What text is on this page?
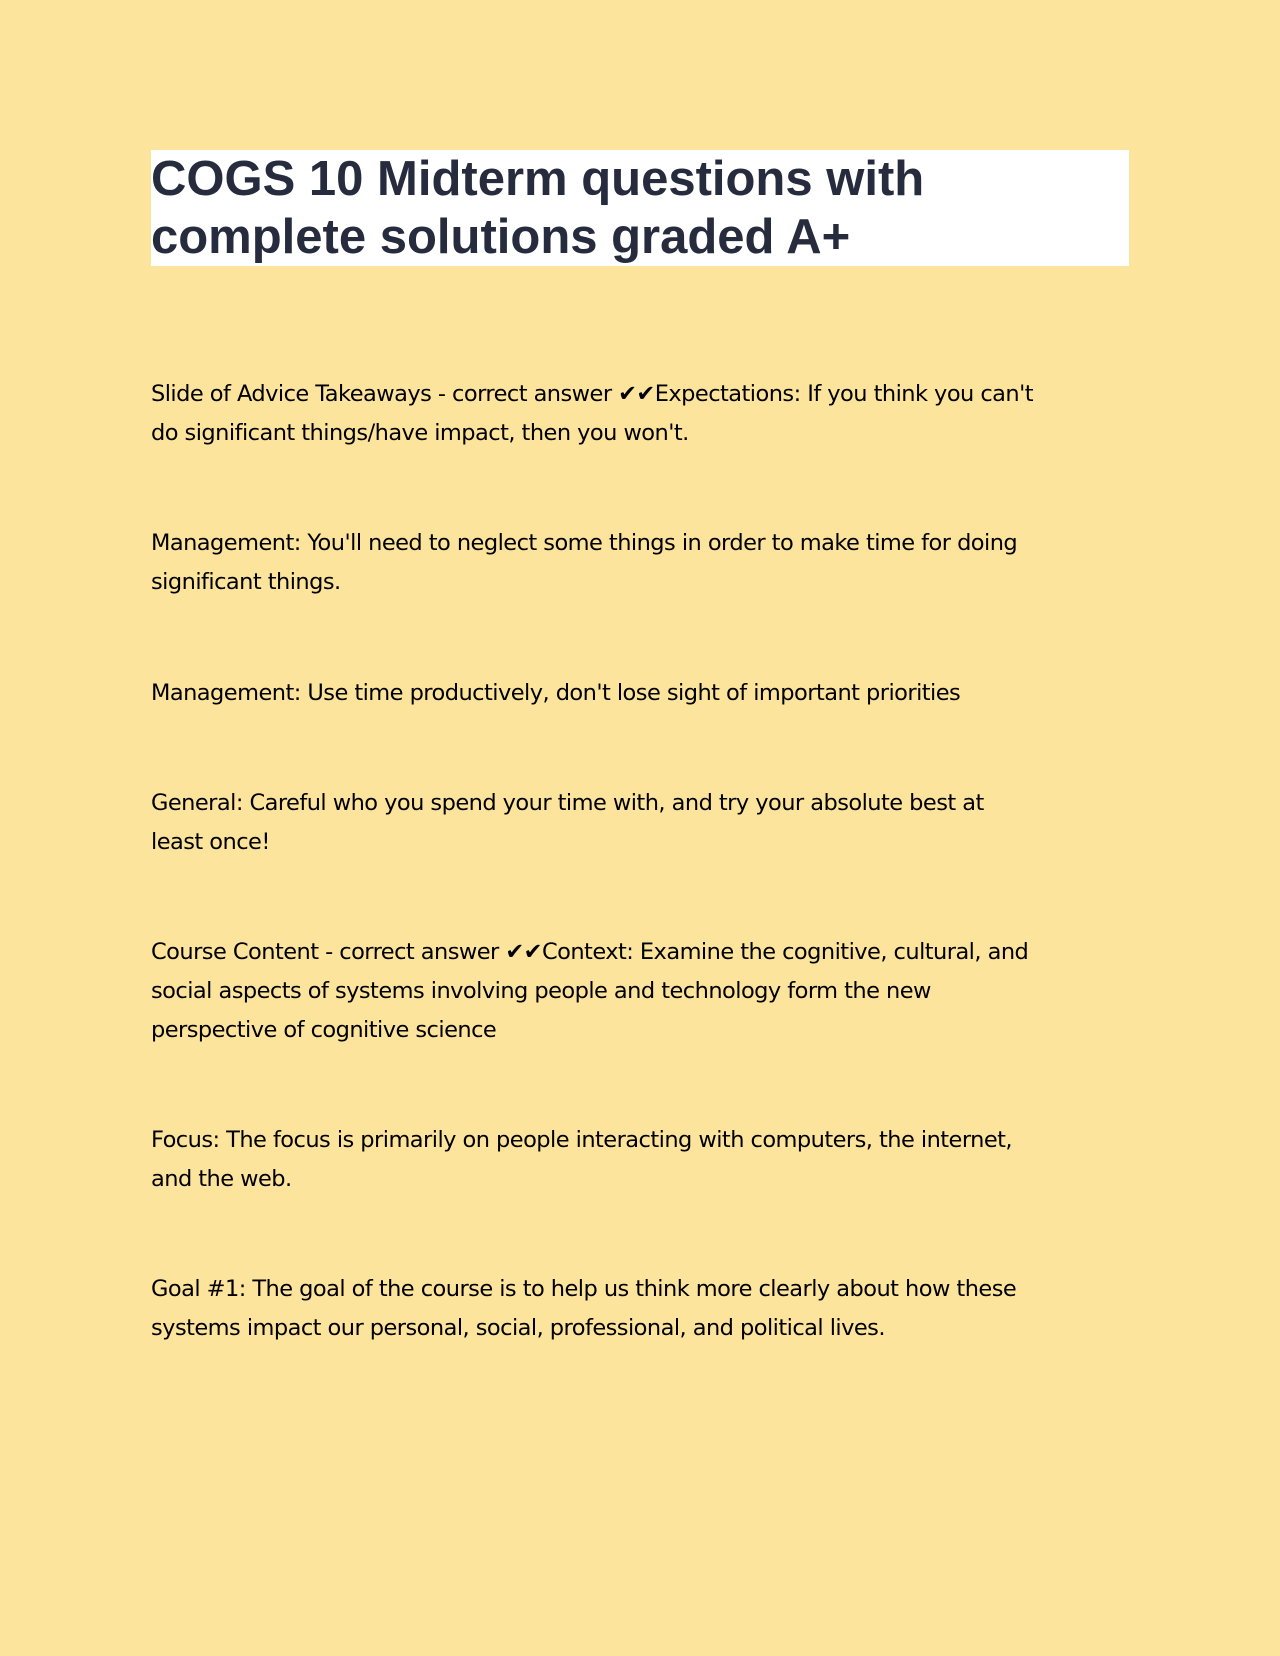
COGS 10 Midterm questions with
complete solutions graded A+

Slide of Advice Takeaways - correct answer ✔✔Expectations: If you think you can't
do significant things/have impact, then you won't.

Management: You'll need to neglect some things in order to make time for doing
significant things.

Management: Use time productively, don't lose sight of important priorities

General: Careful who you spend your time with, and try your absolute best at
least once!

Course Content - correct answer ✔✔Context: Examine the cognitive, cultural, and
social aspects of systems involving people and technology form the new
perspective of cognitive science

Focus: The focus is primarily on people interacting with computers, the internet,
and the web.

Goal #1: The goal of the course is to help us think more clearly about how these
systems impact our personal, social, professional, and political lives.
